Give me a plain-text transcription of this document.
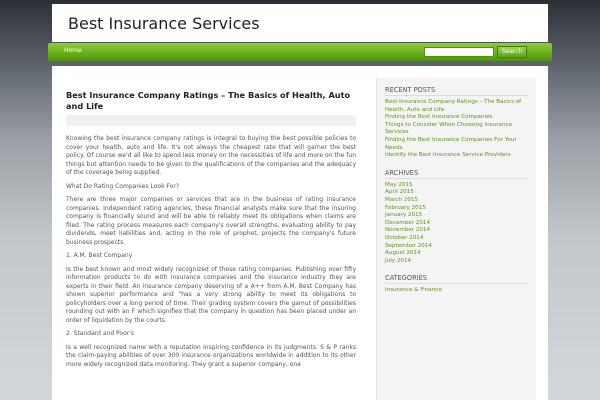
Best Insurance Services
Home	Search
Best Insurance Company Ratings – The Basics of Health, Auto and Life

Knowing the best insurance company ratings is integral to buying the best possible policies to cover your health, auto and life. It's not always the cheapest rate that will garner the best policy. Of course we'd all like to spend less money on the necessities of life and more on the fun things but attention needs to be given to the qualifications of the companies and the adequacy of the coverage being supplied.

What Do Rating Companies Look For?

There are three major companies or services that are in the business of rating insurance companies. Independent rating agencies, these financial analysts make sure that the insuring company is financially sound and will be able to reliably meet its obligations when claims are filed. The rating process measures each company's overall strengths, evaluating ability to pay dividends, meet liabilities and, acting in the role of prophet, projects the company's future business prospects.

1. A.M. Best Company

Is the best known and most widely recognized of these rating companies. Publishing over fifty information products to do with insurance companies and the insurance industry they are experts in their field. An insurance company deserving of a A++ from A.M. Best Company has shown superior performance and "has a very strong ability to meet its obligations to policyholders over a long period of time. Their grading system covers the gamut of possibilities rounding out with an F which signifies that the company in question has been placed under an order of liquidation by the courts.

2. Standard and Poor's

Is a well recognized name with a reputation inspiring confidence in its judgments. S & P ranks the claim-paying abilities of over 300 insurance organizations worldwide in addition to its other more widely recognized data monitoring. They grant a superior company, one

RECENT POSTS
Best Insurance Company Ratings – The Basics of Health, Auto and Life
Finding the Best Insurance Companies
Things to Consider When Choosing Insurance Services
Finding the Best Insurance Companies For Your Needs
Identify the Best Insurance Service Providers
ARCHIVES
May 2015
April 2015
March 2015
February 2015
January 2015
December 2014
November 2014
October 2014
September 2014
August 2014
July 2014
CATEGORIES
Insurance & Finance
